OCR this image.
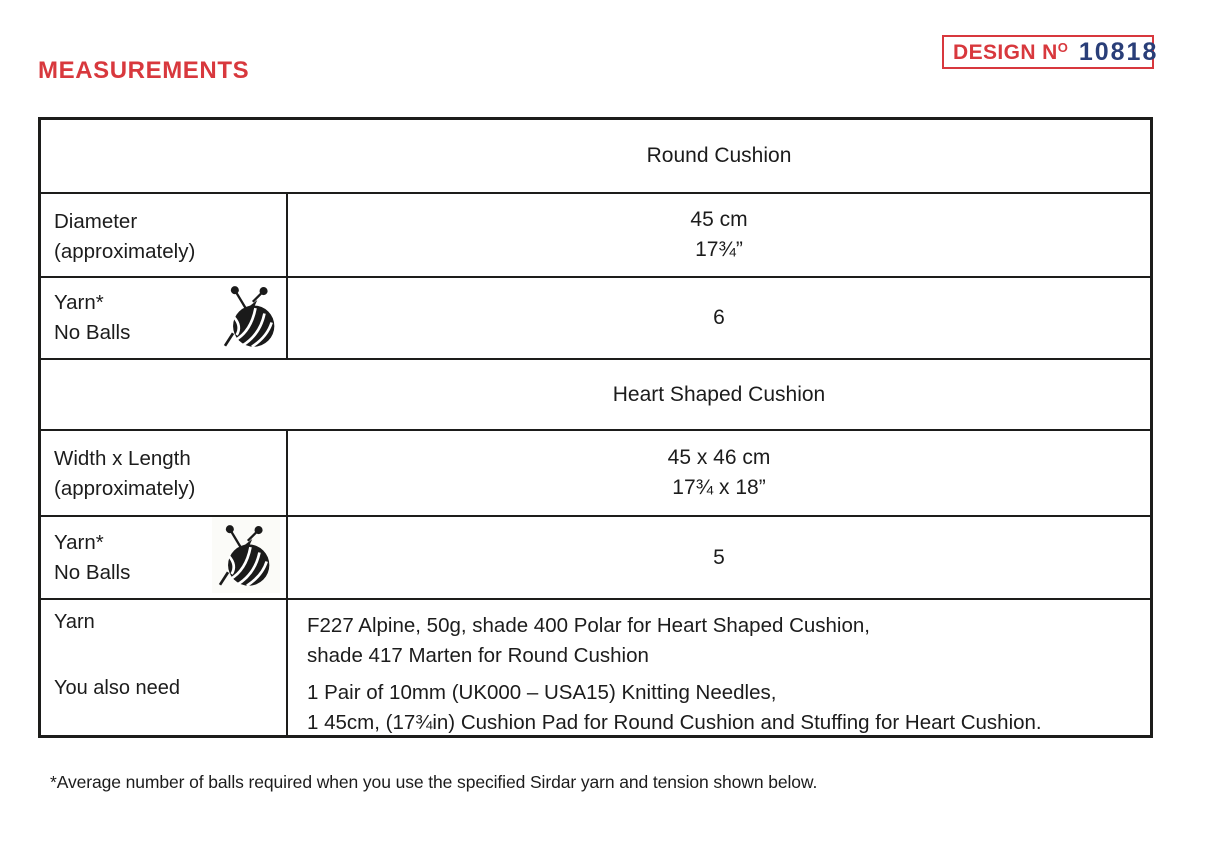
MEASUREMENTS
DESIGN $N^O$ 10818
Round Cushion
Diameter
(approximately)
45 cm
17¾”
Yarn*
No Balls
6
Heart Shaped Cushion
Width x Length
(approximately)
45 x 46 cm
17¾ x 18”
Yarn*
No Balls
5
Yarn
You also need
F227 Alpine, 50g, shade 400 Polar for Heart Shaped Cushion,
shade 417 Marten for Round Cushion
1 Pair of 10mm (UK000 – USA15) Knitting Needles,
1 45cm, (17¾in) Cushion Pad for Round Cushion and Stuffing for Heart Cushion.

*Average number of balls required when you use the specified Sirdar yarn and tension shown below.
